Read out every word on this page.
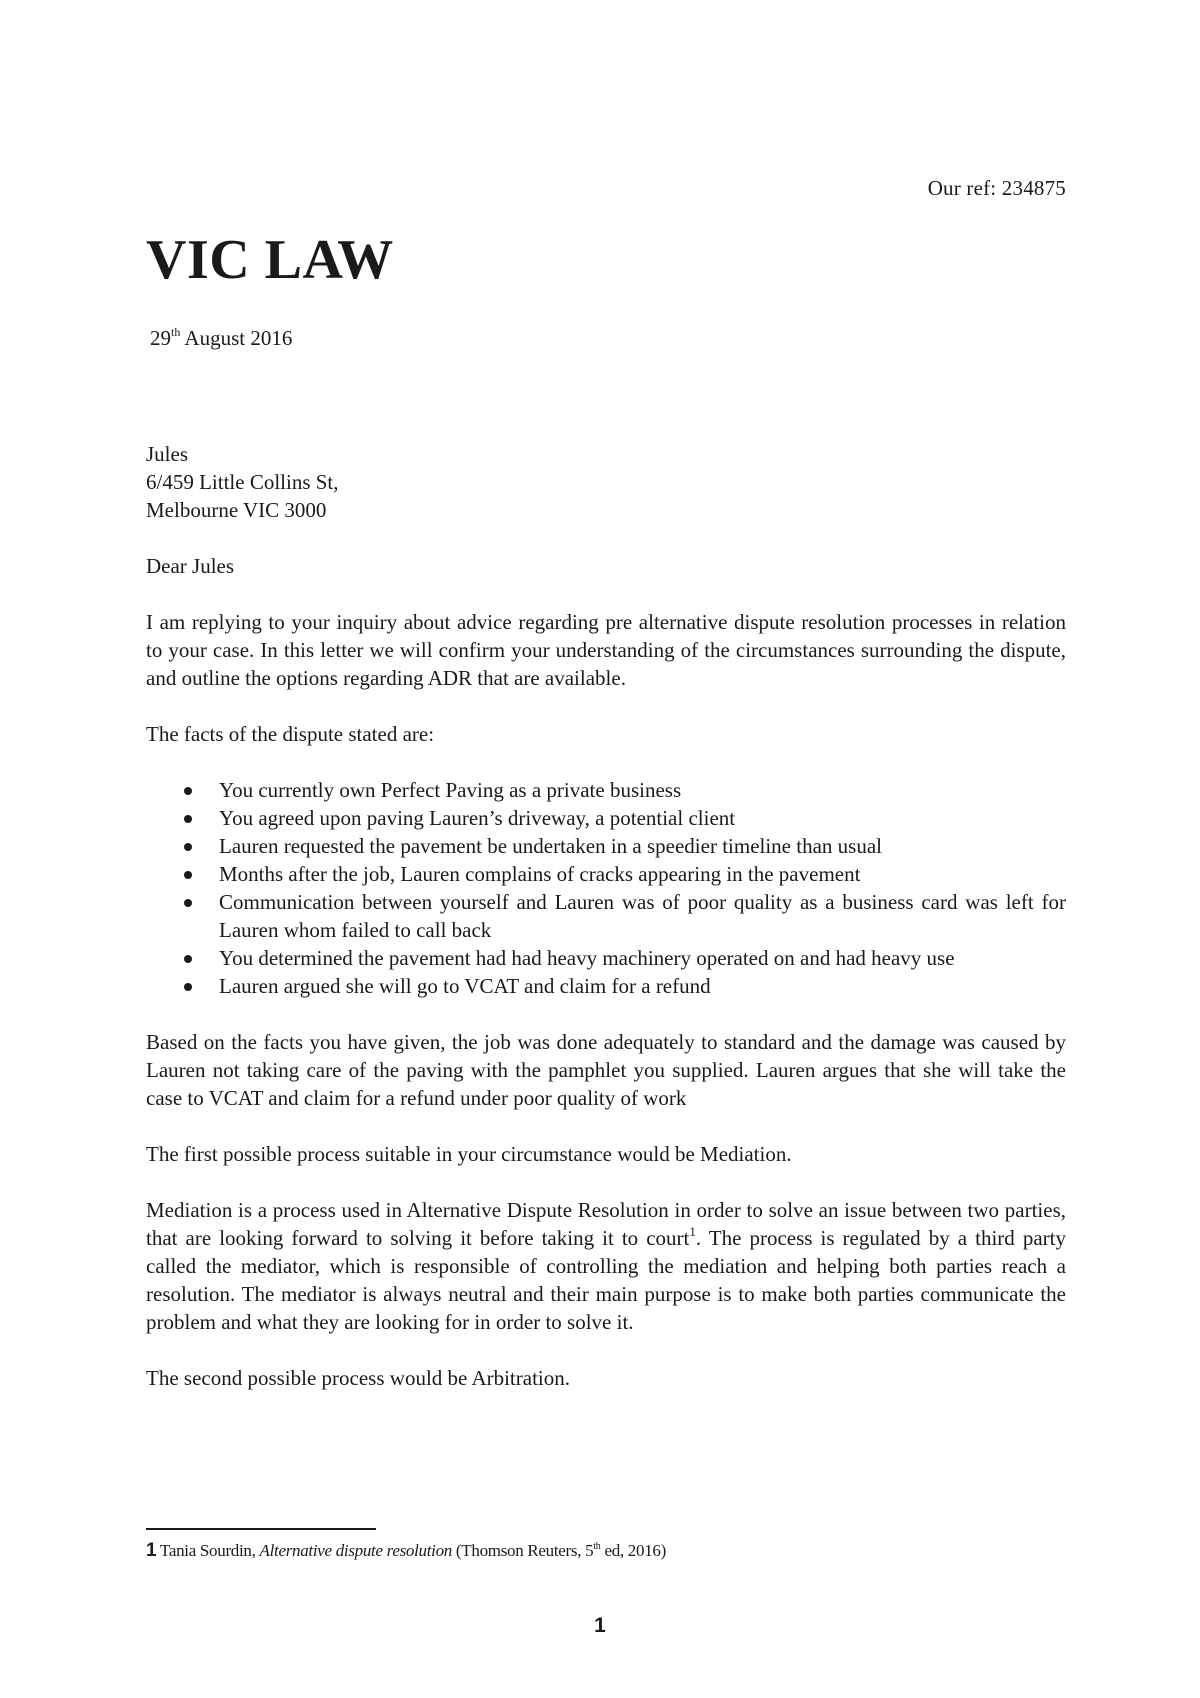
Our ref: 234875
VIC LAW
29th August 2016
Jules
6/459 Little Collins St,
Melbourne VIC 3000

Dear Jules

I am replying to your inquiry about advice regarding pre alternative dispute resolution processes in relation to your case. In this letter we will confirm your understanding of the circumstances surrounding the dispute, and outline the options regarding ADR that are available.

The facts of the dispute stated are:

You currently own Perfect Paving as a private business
You agreed upon paving Lauren’s driveway, a potential client
Lauren requested the pavement be undertaken in a speedier timeline than usual
Months after the job, Lauren complains of cracks appearing in the pavement
Communication between yourself and Lauren was of poor quality as a business card was left for Lauren whom failed to call back
You determined the pavement had had heavy machinery operated on and had heavy use
Lauren argued she will go to VCAT and claim for a refund

Based on the facts you have given, the job was done adequately to standard and the damage was caused by Lauren not taking care of the paving with the pamphlet you supplied. Lauren argues that she will take the case to VCAT and claim for a refund under poor quality of work

The first possible process suitable in your circumstance would be Mediation.

Mediation is a process used in Alternative Dispute Resolution in order to solve an issue between two parties, that are looking forward to solving it before taking it to court$^1$. The process is regulated by a third party called the mediator, which is responsible of controlling the mediation and helping both parties reach a resolution. The mediator is always neutral and their main purpose is to make both parties communicate the problem and what they are looking for in order to solve it.

The second possible process would be Arbitration.

1 Tania Sourdin, Alternative dispute resolution (Thomson Reuters, 5th ed, 2016)
1
